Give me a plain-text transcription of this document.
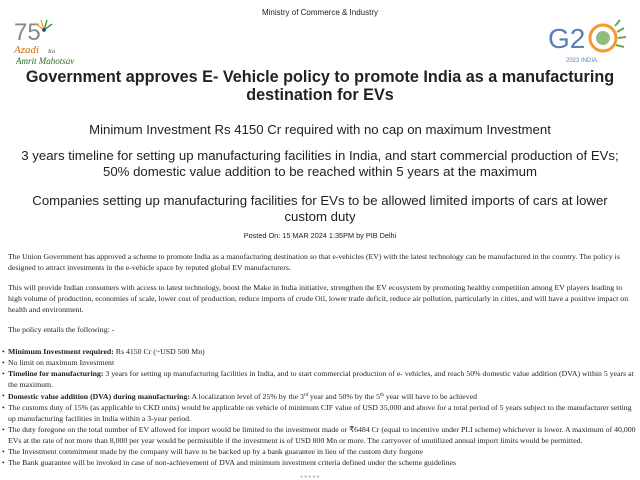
Ministry of Commerce & Industry
75
Azadi Ka
Amrit Mahotsav
G2
2023 INDIA
Government approves E- Vehicle policy to promote India as a manufacturing destination for EVs
Minimum Investment Rs 4150 Cr required with no cap on maximum Investment
3 years timeline for setting up manufacturing facilities in India, and start commercial production of EVs; 50% domestic value addition to be reached within 5 years at the maximum
Companies setting up manufacturing facilities for EVs to be allowed limited imports of cars at lower custom duty
Posted On: 15 MAR 2024 1:35PM by PIB Delhi

The Union Government has approved a scheme to promote India as a manufacturing destination so that e-vehicles (EV) with the latest technology can be manufactured in the country. The policy is designed to attract investments in the e-vehicle space by reputed global EV manufacturers.

This will provide Indian consumers with access to latest technology, boost the Make in India initiative, strengthen the EV ecosystem by promoting healthy competition among EV players leading to high volume of production, economies of scale, lower cost of production, reduce imports of crude Oil, lower trade deficit, reduce air pollution, particularly in cities, and will have a positive impact on health and environment.

The policy entails the following: -

• Minimum Investment required: Rs 4150 Cr (~USD 500 Mn)
• No limit on maximum Investment
• Timeline for manufacturing: 3 years for setting up manufacturing facilities in India, and to start commercial production of e- vehicles, and reach 50% domestic value addition (DVA) within 5 years at the maximum.
• Domestic value addition (DVA) during manufacturing: A localization level of 25% by the 3rd year and 50% by the 5th year will have to be achieved
• The customs duty of 15% (as applicable to CKD units) would be applicable on vehicle of minimum CIF value of USD 35,000 and above for a total period of 5 years subject to the manufacturer setting up manufacturing facilities in India within a 3-year period.
• The duty foregone on the total number of EV allowed for import would be limited to the investment made or ₹6484 Cr (equal to incentive under PLI scheme) whichever is lower. A maximum of 40,000 EVs at the rate of not more than 8,000 per year would be permissible if the investment is of USD 800 Mn or more. The carryover of unutilized annual import limits would be permitted.
• The Investment commitment made by the company will have to be backed up by a bank guarantee in lieu of the custom duty forgone
• The Bank guarantee will be invoked in case of non-achievement of DVA and minimum investment criteria defined under the scheme guidelines
*****
